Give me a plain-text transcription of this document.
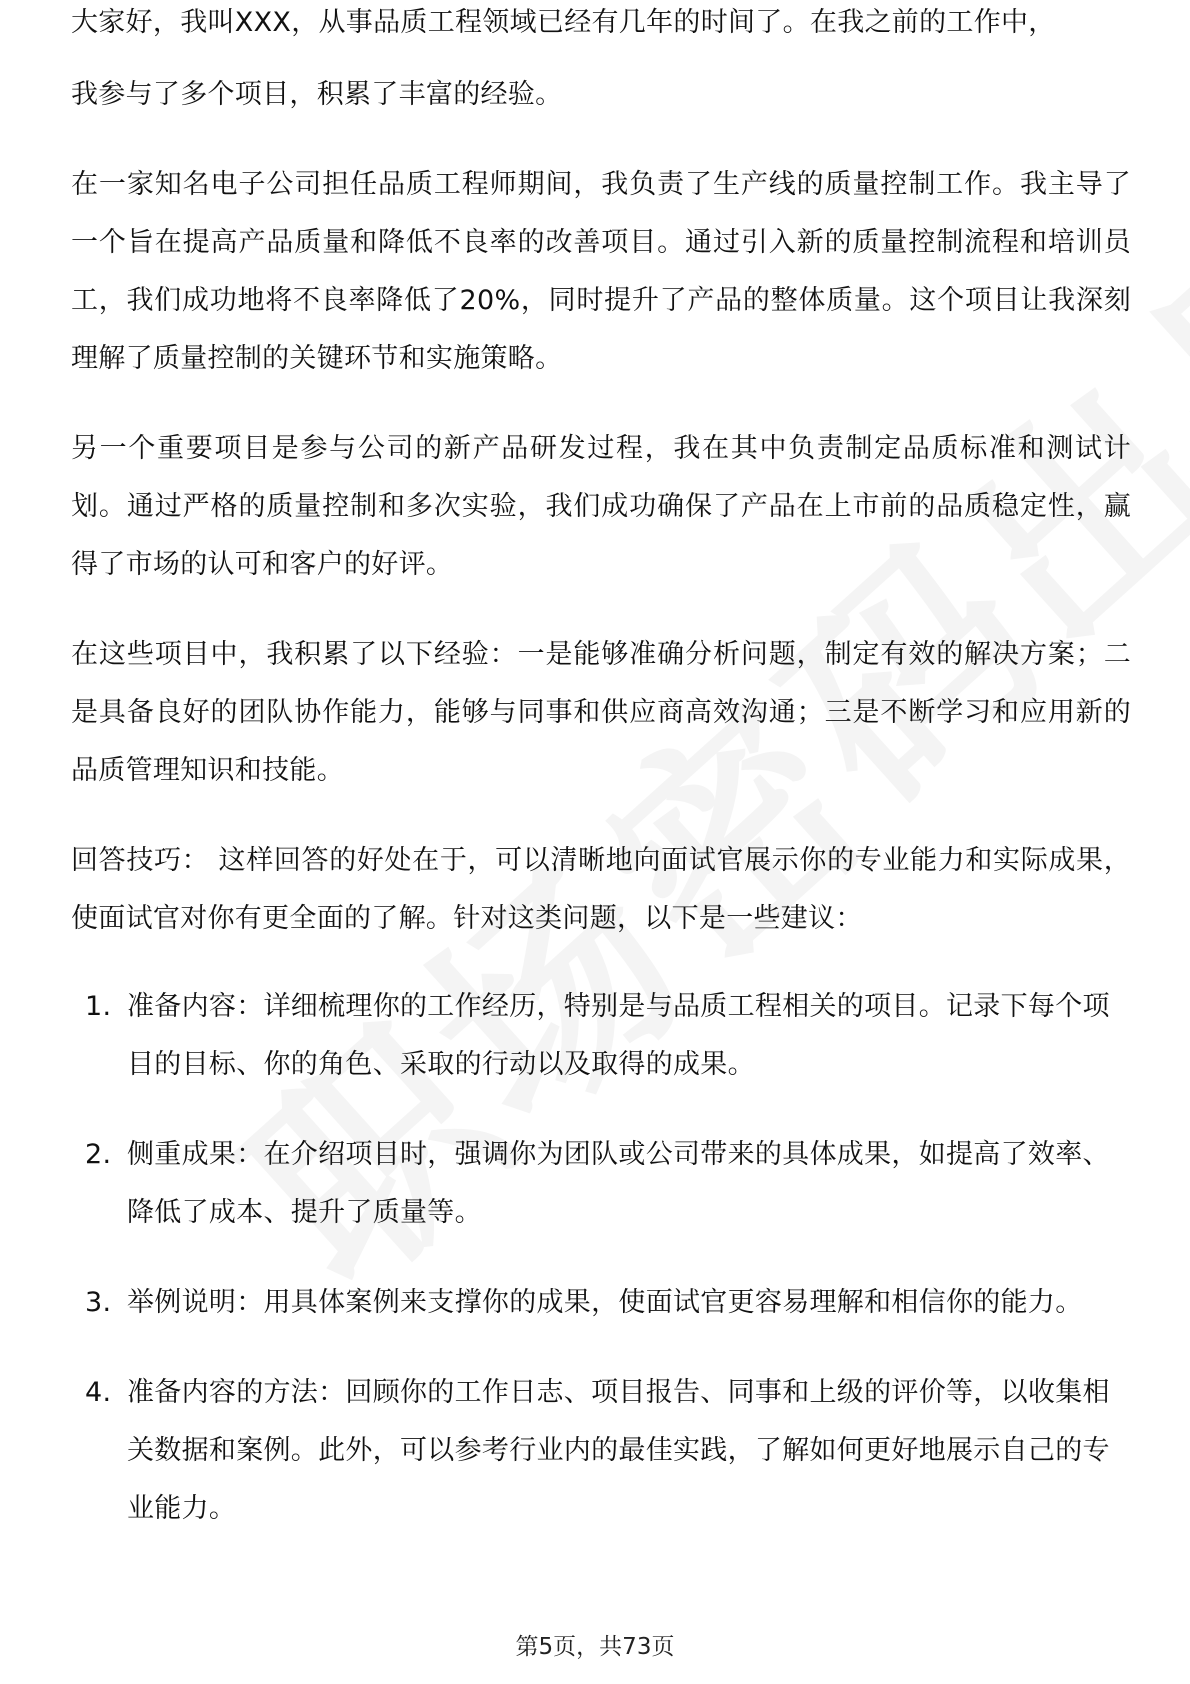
大家好，我叫XXX，从事品质工程领域已经有几年的时间了。在我之前的工作中，

我参与了多个项目，积累了丰富的经验。

在一家知名电子公司担任品质工程师期间，我负责了生产线的质量控制工作。我主导了一个旨在提高产品质量和降低不良率的改善项目。通过引入新的质量控制流程和培训员工，我们成功地将不良率降低了20%，同时提升了产品的整体质量。这个项目让我深刻理解了质量控制的关键环节和实施策略。

另一个重要项目是参与公司的新产品研发过程，我在其中负责制定品质标准和测试计划。通过严格的质量控制和多次实验，我们成功确保了产品在上市前的品质稳定性，赢得了市场的认可和客户的好评。

在这些项目中，我积累了以下经验：一是能够准确分析问题，制定有效的解决方案；二是具备良好的团队协作能力，能够与同事和供应商高效沟通；三是不断学习和应用新的品质管理知识和技能。

回答技巧： 这样回答的好处在于，可以清晰地向面试官展示你的专业能力和实际成果，使面试官对你有更全面的了解。针对这类问题，以下是一些建议：

1. 准备内容：详细梳理你的工作经历，特别是与品质工程相关的项目。记录下每个项目的目标、你的角色、采取的行动以及取得的成果。
2. 侧重成果：在介绍项目时，强调你为团队或公司带来的具体成果，如提高了效率、降低了成本、提升了质量等。
3. 举例说明：用具体案例来支撑你的成果，使面试官更容易理解和相信你的能力。
4. 准备内容的方法：回顾你的工作日志、项目报告、同事和上级的评价等，以收集相关数据和案例。此外，可以参考行业内的最佳实践，了解如何更好地展示自己的专业能力。
第5页，共73页
